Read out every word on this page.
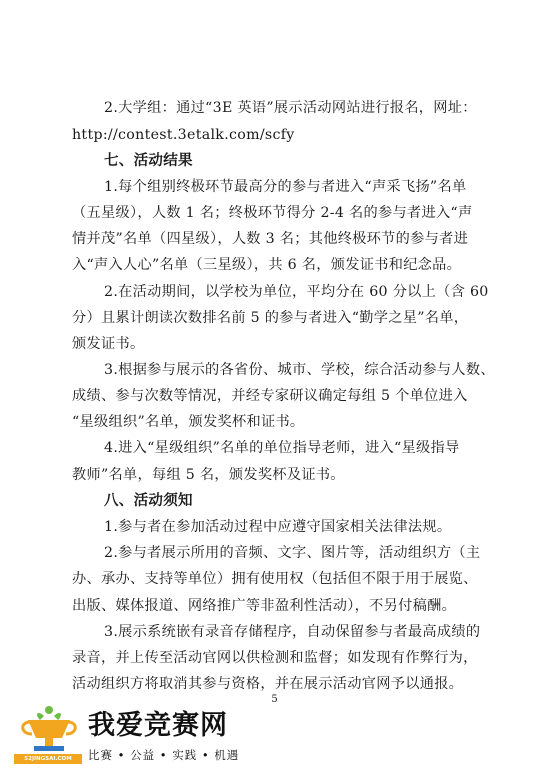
2.大学组：通过“3E 英语”展示活动网站进行报名，网址：
http://contest.3etalk.com/scfy
七、活动结果
1.每个组别终极环节最高分的参与者进入“声采飞扬”名单
（五星级），人数 1 名；终极环节得分 2-4 名的参与者进入“声
情并茂”名单（四星级），人数 3 名；其他终极环节的参与者进
入“声入人心”名单（三星级），共 6 名，颁发证书和纪念品。
2.在活动期间，以学校为单位，平均分在 60 分以上（含 60
分）且累计朗读次数排名前 5 的参与者进入“勤学之星”名单，
颁发证书。
3.根据参与展示的各省份、城市、学校，综合活动参与人数、
成绩、参与次数等情况，并经专家研议确定每组 5 个单位进入
“星级组织”名单，颁发奖杯和证书。
4.进入“星级组织”名单的单位指导老师，进入“星级指导
教师”名单，每组 5 名，颁发奖杯及证书。
八、活动须知
1.参与者在参加活动过程中应遵守国家相关法律法规。
2.参与者展示所用的音频、文字、图片等，活动组织方（主
办、承办、支持等单位）拥有使用权（包括但不限于用于展览、
出版、媒体报道、网络推广等非盈利性活动），不另付稿酬。
3.展示系统嵌有录音存储程序，自动保留参与者最高成绩的
录音，并上传至活动官网以供检测和监督；如发现有作弊行为，
活动组织方将取消其参与资格，并在展示活动官网予以通报。
5
52JINGSAI.COM
我爱竞赛网
比赛 • 公益 • 实践 • 机遇
